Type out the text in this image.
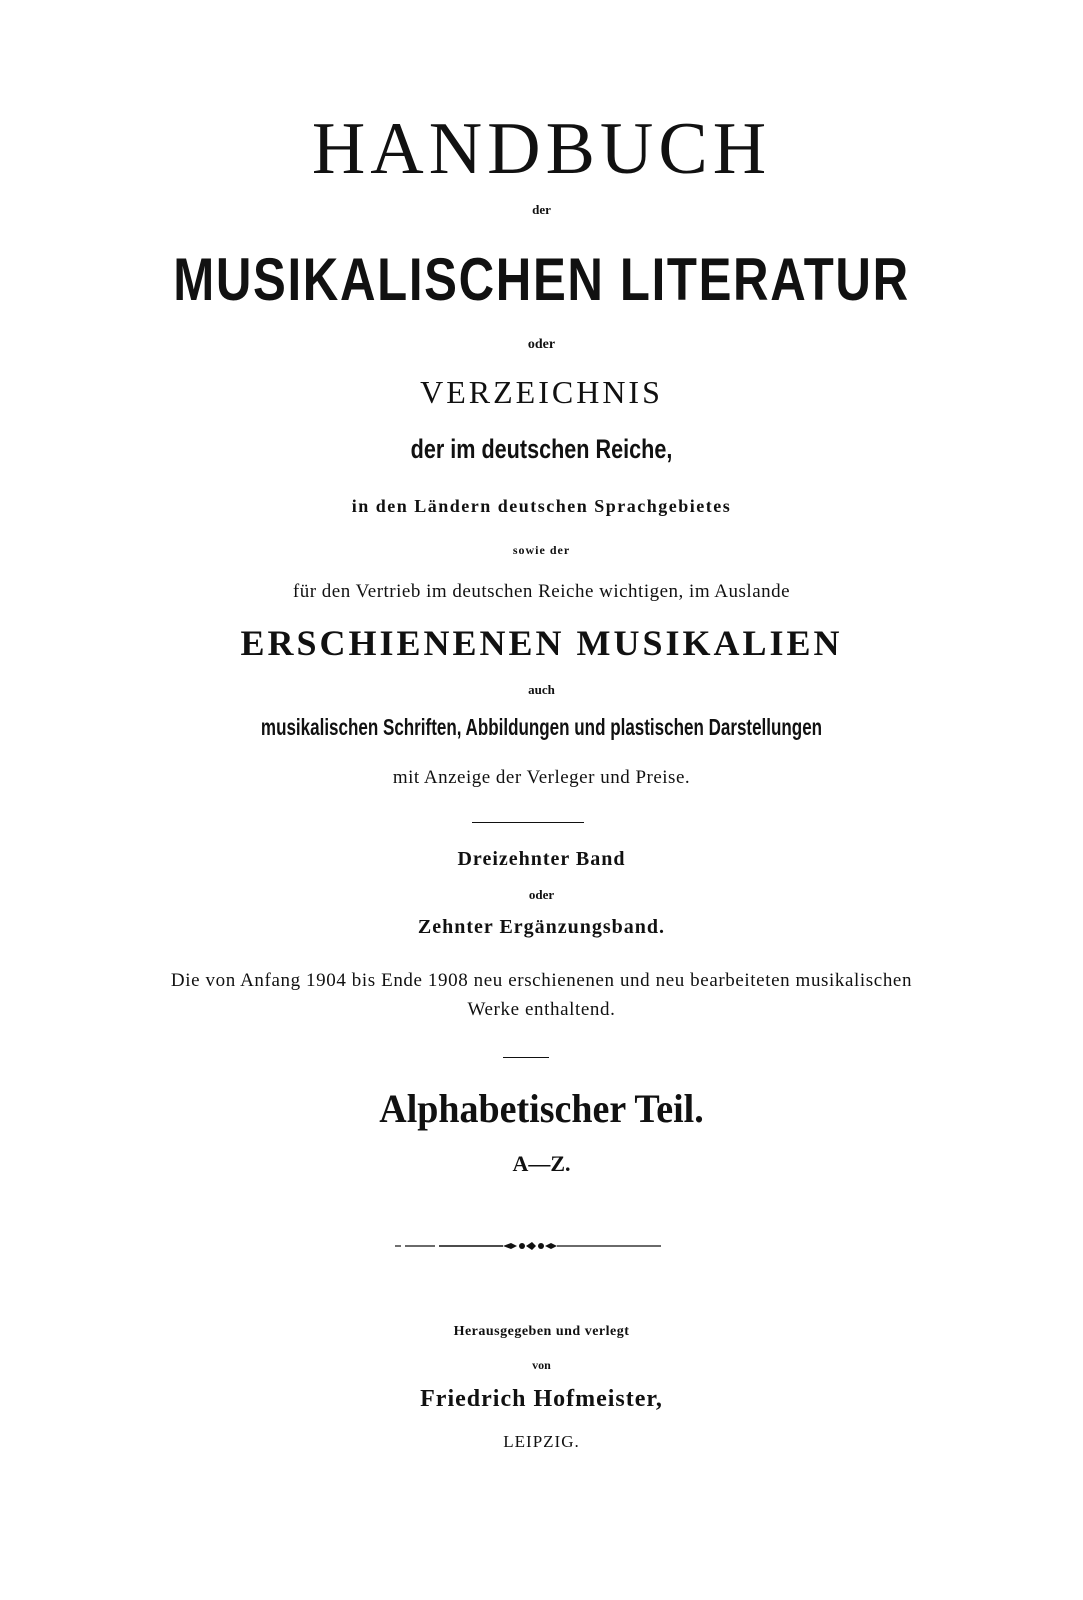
HANDBUCH
der
MUSIKALISCHEN LITERATUR
oder
VERZEICHNIS
der im deutschen Reiche,
in den Ländern deutschen Sprachgebietes
sowie der
für den Vertrieb im deutschen Reiche wichtigen, im Auslande
ERSCHIENENEN MUSIKALIEN
auch
musikalischen Schriften, Abbildungen und plastischen Darstellungen
mit Anzeige der Verleger und Preise.
Dreizehnter Band
oder
Zehnter Ergänzungsband.
Die von Anfang 1904 bis Ende 1908 neu erschienenen und neu bearbeiteten musikalischen
Werke enthaltend.
Alphabetischer Teil.
A—Z.
Herausgegeben und verlegt
von
Friedrich Hofmeister,
LEIPZIG.
